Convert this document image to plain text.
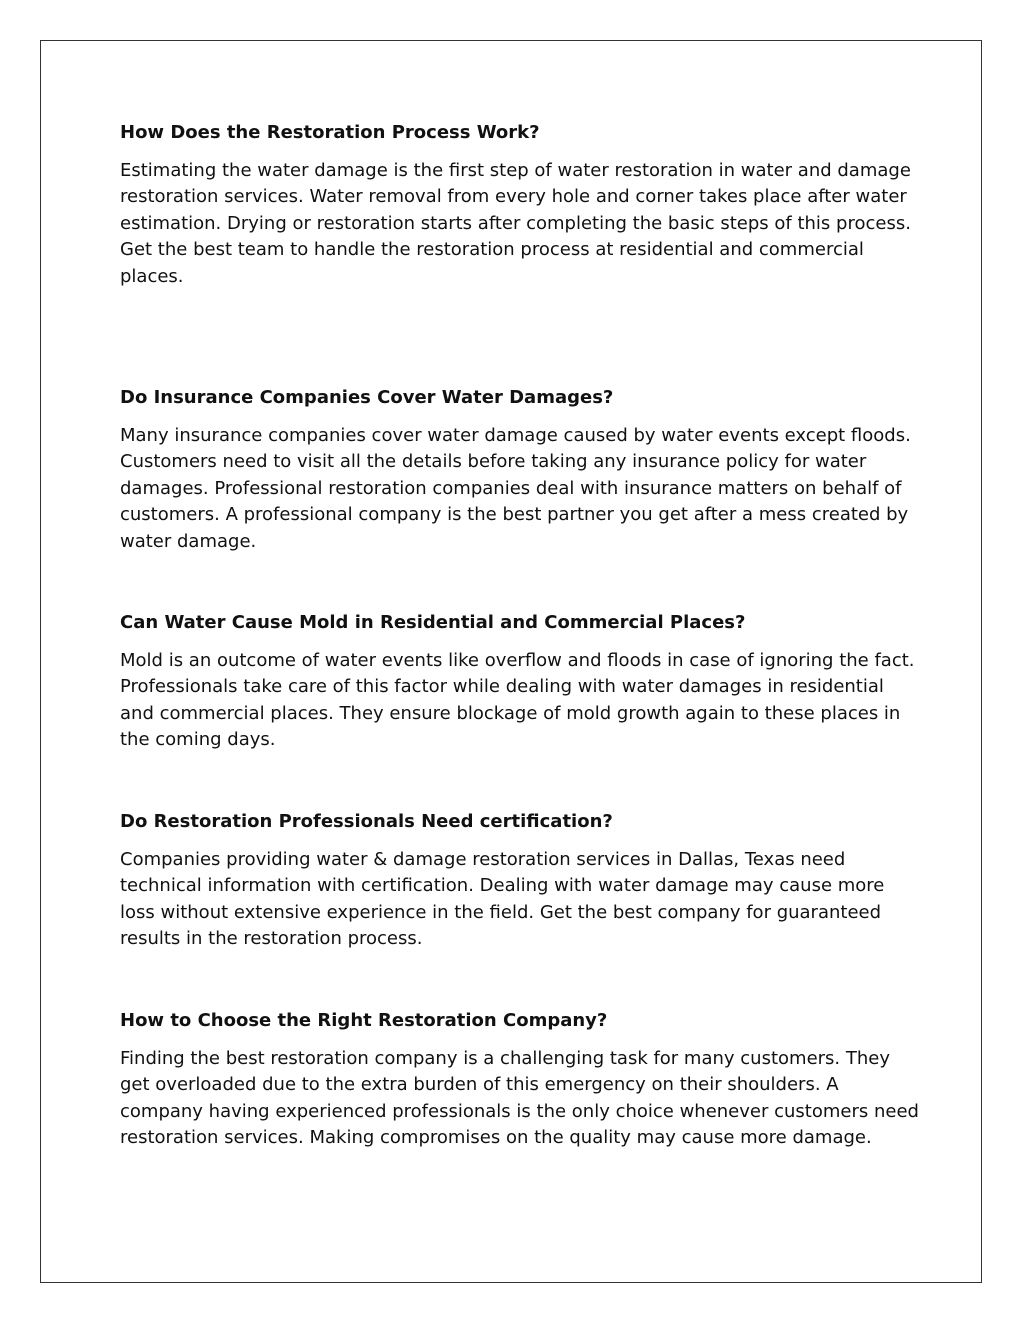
How Does the Restoration Process Work?

Estimating the water damage is the first step of water restoration in water and damage restoration services. Water removal from every hole and corner takes place after water estimation. Drying or restoration starts after completing the basic steps of this process. Get the best team to handle the restoration process at residential and commercial places.

Do Insurance Companies Cover Water Damages?

Many insurance companies cover water damage caused by water events except floods. Customers need to visit all the details before taking any insurance policy for water damages. Professional restoration companies deal with insurance matters on behalf of customers. A professional company is the best partner you get after a mess created by water damage.

Can Water Cause Mold in Residential and Commercial Places?

Mold is an outcome of water events like overflow and floods in case of ignoring the fact. Professionals take care of this factor while dealing with water damages in residential and commercial places. They ensure blockage of mold growth again to these places in the coming days.

Do Restoration Professionals Need certification?

Companies providing water & damage restoration services in Dallas, Texas need technical information with certification. Dealing with water damage may cause more loss without extensive experience in the field. Get the best company for guaranteed results in the restoration process.

How to Choose the Right Restoration Company?

Finding the best restoration company is a challenging task for many customers. They get overloaded due to the extra burden of this emergency on their shoulders. A company having experienced professionals is the only choice whenever customers need restoration services. Making compromises on the quality may cause more damage.
